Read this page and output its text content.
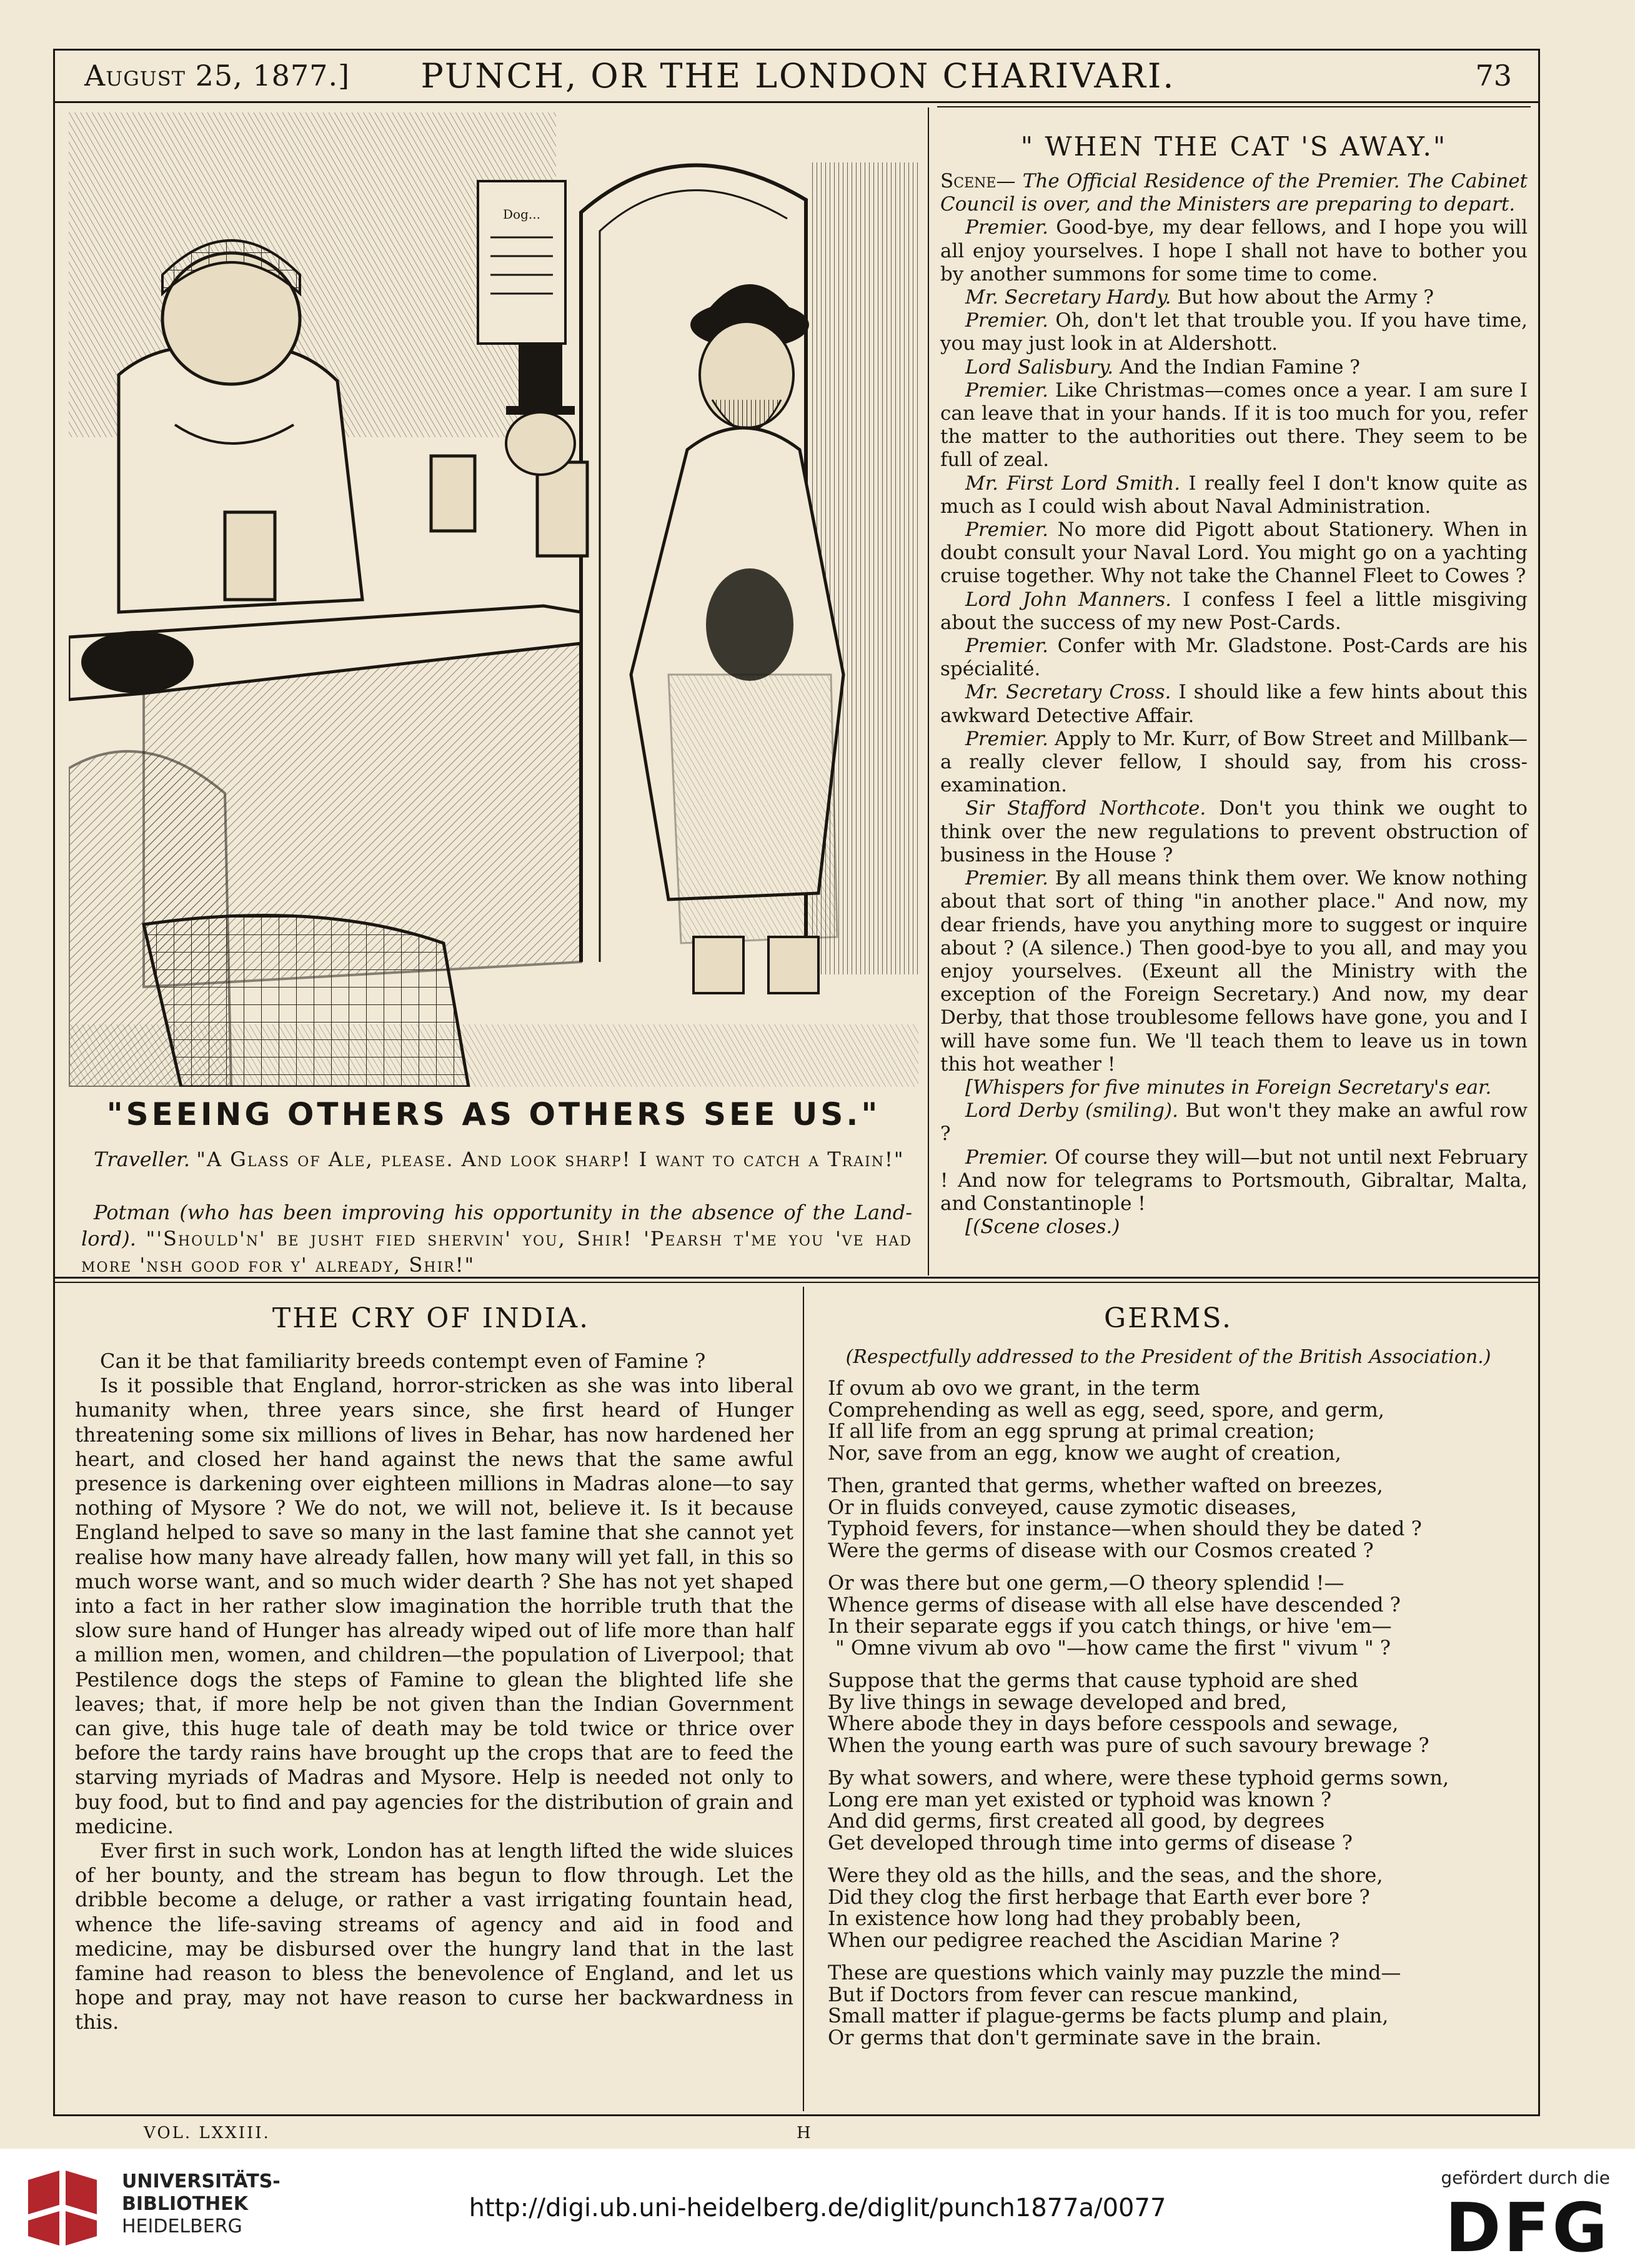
August 25, 1877.]	PUNCH, OR THE LONDON CHARIVARI.	73
Dog...
"SEEING OTHERS AS OTHERS SEE US."
Traveller. "A Glass of Ale, please. And look sharp! I want to catch a Train!"
Potman (who has been improving his opportunity in the absence of the Land-lord). "'Should'n' be jusht fied shervin' you, Shir! 'Pearsh t'me you 've had more 'nsh good for y' already, Shir!"
" WHEN THE CAT 'S AWAY."

Scene— The Official Residence of the Premier. The Cabinet Council is over, and the Ministers are preparing to depart.

Premier. Good-bye, my dear fellows, and I hope you will all enjoy yourselves. I hope I shall not have to bother you by another summons for some time to come.

Mr. Secretary Hardy. But how about the Army ?

Premier. Oh, don't let that trouble you. If you have time, you may just look in at Aldershott.

Lord Salisbury. And the Indian Famine ?

Premier. Like Christmas—comes once a year. I am sure I can leave that in your hands. If it is too much for you, refer the matter to the authorities out there. They seem to be full of zeal.

Mr. First Lord Smith. I really feel I don't know quite as much as I could wish about Naval Administration.

Premier. No more did Pigott about Stationery. When in doubt consult your Naval Lord. You might go on a yachting cruise together. Why not take the Channel Fleet to Cowes ?

Lord John Manners. I confess I feel a little misgiving about the success of my new Post-Cards.

Premier. Confer with Mr. Gladstone. Post-Cards are his spécialité.

Mr. Secretary Cross. I should like a few hints about this awkward Detective Affair.

Premier. Apply to Mr. Kurr, of Bow Street and Millbank—a really clever fellow, I should say, from his cross-examination.

Sir Stafford Northcote. Don't you think we ought to think over the new regulations to prevent obstruction of business in the House ?

Premier. By all means think them over. We know nothing about that sort of thing "in another place." And now, my dear friends, have you anything more to suggest or inquire about ? (A silence.) Then good-bye to you all, and may you enjoy yourselves. (Exeunt all the Ministry with the exception of the Foreign Secretary.) And now, my dear Derby, that those troublesome fellows have gone, you and I will have some fun. We 'll teach them to leave us in town this hot weather !

[Whispers for five minutes in Foreign Secretary's ear.

Lord Derby (smiling). But won't they make an awful row ?

Premier. Of course they will—but not until next February ! And now for telegrams to Portsmouth, Gibraltar, Malta, and Constantinople !

[(Scene closes.)

THE CRY OF INDIA.

Can it be that familiarity breeds contempt even of Famine ?

Is it possible that England, horror-stricken as she was into liberal humanity when, three years since, she first heard of Hunger threatening some six millions of lives in Behar, has now hardened her heart, and closed her hand against the news that the same awful presence is darkening over eighteen millions in Madras alone—to say nothing of Mysore ? We do not, we will not, believe it. Is it because England helped to save so many in the last famine that she cannot yet realise how many have already fallen, how many will yet fall, in this so much worse want, and so much wider dearth ? She has not yet shaped into a fact in her rather slow imagination the horrible truth that the slow sure hand of Hunger has already wiped out of life more than half a million men, women, and children—the population of Liverpool; that Pestilence dogs the steps of Famine to glean the blighted life she leaves; that, if more help be not given than the Indian Government can give, this huge tale of death may be told twice or thrice over before the tardy rains have brought up the crops that are to feed the starving myriads of Madras and Mysore. Help is needed not only to buy food, but to find and pay agencies for the distribution of grain and medicine.

Ever first in such work, London has at length lifted the wide sluices of her bounty, and the stream has begun to flow through. Let the dribble become a deluge, or rather a vast irrigating fountain head, whence the life-saving streams of agency and aid in food and medicine, may be disbursed over the hungry land that in the last famine had reason to bless the benevolence of England, and let us hope and pray, may not have reason to curse her backwardness in this.

GERMS.
(Respectfully addressed to the President of the British Association.)
If ovum ab ovo we grant, in the term
Comprehending as well as egg, seed, spore, and germ,
If all life from an egg sprung at primal creation;
Nor, save from an egg, know we aught of creation,
Then, granted that germs, whether wafted on breezes,
Or in fluids conveyed, cause zymotic diseases,
Typhoid fevers, for instance—when should they be dated ?
Were the germs of disease with our Cosmos created ?
Or was there but one germ,—O theory splendid !—
Whence germs of disease with all else have descended ?
In their separate eggs if you catch things, or hive 'em—
" Omne vivum ab ovo "—how came the first " vivum " ?
Suppose that the germs that cause typhoid are shed
By live things in sewage developed and bred,
Where abode they in days before cesspools and sewage,
When the young earth was pure of such savoury brewage ?
By what sowers, and where, were these typhoid germs sown,
Long ere man yet existed or typhoid was known ?
And did germs, first created all good, by degrees
Get developed through time into germs of disease ?
Were they old as the hills, and the seas, and the shore,
Did they clog the first herbage that Earth ever bore ?
In existence how long had they probably been,
When our pedigree reached the Ascidian Marine ?
These are questions which vainly may puzzle the mind—
But if Doctors from fever can rescue mankind,
Small matter if plague-germs be facts plump and plain,
Or germs that don't germinate save in the brain.
VOL. LXXIII.	H
UNIVERSITÄTS-
BIBLIOTHEK
HEIDELBERG
http://digi.ub.uni-heidelberg.de/diglit/punch1877a/0077
gefördert durch die
DFG
